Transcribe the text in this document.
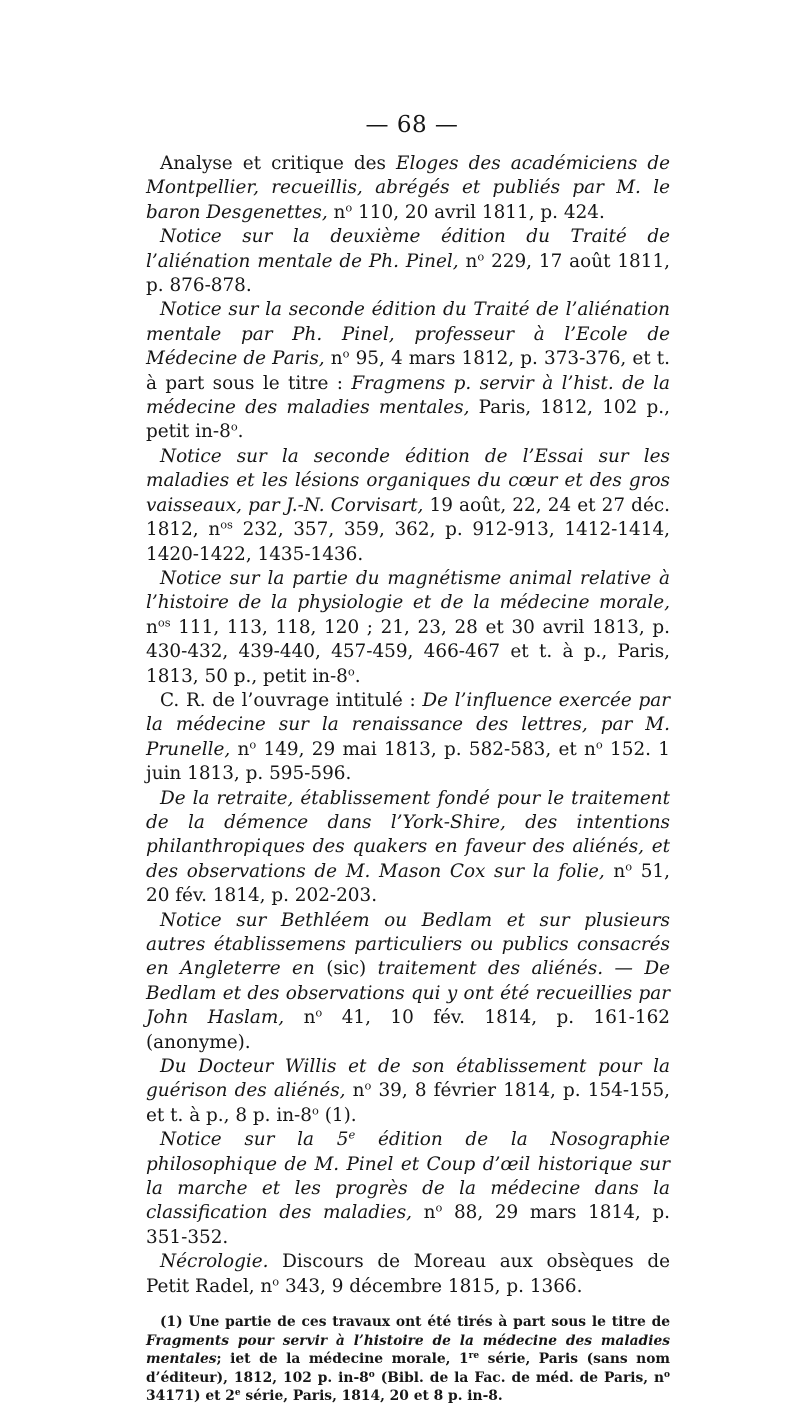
— 68 —

Analyse et critique des Eloges des académiciens de Montpellier, recueillis, abrégés et publiés par M. le baron Desgenettes, $n^o$ 110, 20 avril 1811, p. 424.

Notice sur la deuxième édition du Traité de l’aliénation mentale de Ph. Pinel, $n^o$ 229, 17 août 1811, p. 876-878.

Notice sur la seconde édition du Traité de l’aliénation mentale par Ph. Pinel, professeur à l’Ecole de Médecine de Paris, $n^o$ 95, 4 mars 1812, p. 373-376, et t. à part sous le titre : Fragmens p. servir à l’hist. de la médecine des maladies mentales, Paris, 1812, 102 p., petit in-8$^o$.

Notice sur la seconde édition de l’Essai sur les maladies et les lésions organiques du cœur et des gros vaisseaux, par J.-N. Corvisart, 19 août, 22, 24 et 27 déc. 1812, $n^{os}$ 232, 357, 359, 362, p. 912-913, 1412-1414, 1420-1422, 1435-1436.

Notice sur la partie du magnétisme animal relative à l’histoire de la physiologie et de la médecine morale, $n^{os}$ 111, 113, 118, 120 ; 21, 23, 28 et 30 avril 1813, p. 430-432, 439-440, 457-459, 466-467 et t. à p., Paris, 1813, 50 p., petit in-8$^o$.

C. R. de l’ouvrage intitulé : De l’influence exercée par la médecine sur la renaissance des lettres, par M. Prunelle, $n^o$ 149, 29 mai 1813, p. 582-583, et $n^o$ 152. 1 juin 1813, p. 595-596.

De la retraite, établissement fondé pour le traitement de la démence dans l’York-Shire, des intentions philanthropiques des quakers en faveur des aliénés, et des observations de M. Mason Cox sur la folie, $n^o$ 51, 20 fév. 1814, p. 202-203.

Notice sur Bethléem ou Bedlam et sur plusieurs autres établissemens particuliers ou publics consacrés en Angleterre en (sic) traitement des aliénés. — De Bedlam et des observations qui y ont été recueillies par John Haslam, $n^o$ 41, 10 fév. 1814, p. 161-162 (anonyme).

Du Docteur Willis et de son établissement pour la guérison des aliénés, $n^o$ 39, 8 février 1814, p. 154-155, et t. à p., 8 p. in-8$^o$ (1).

Notice sur la 5e édition de la Nosographie philosophique de M. Pinel et Coup d’œil historique sur la marche et les progrès de la médecine dans la classification des maladies, $n^o$ 88, 29 mars 1814, p. 351-352.

Nécrologie. Discours de Moreau aux obsèques de Petit Radel, $n^o$ 343, 9 décembre 1815, p. 1366.

(1) Une partie de ces travaux ont été tirés à part sous le titre de Fragments pour servir à l’histoire de la médecine des maladies mentales; iet de la médecine morale, 1re série, Paris (sans nom d’éditeur), 1812, 102 p. in-8$^o$ (Bibl. de la Fac. de méd. de Paris, $n^o$ 34171) et 2e série, Paris, 1814, 20 et 8 p. in-8.
